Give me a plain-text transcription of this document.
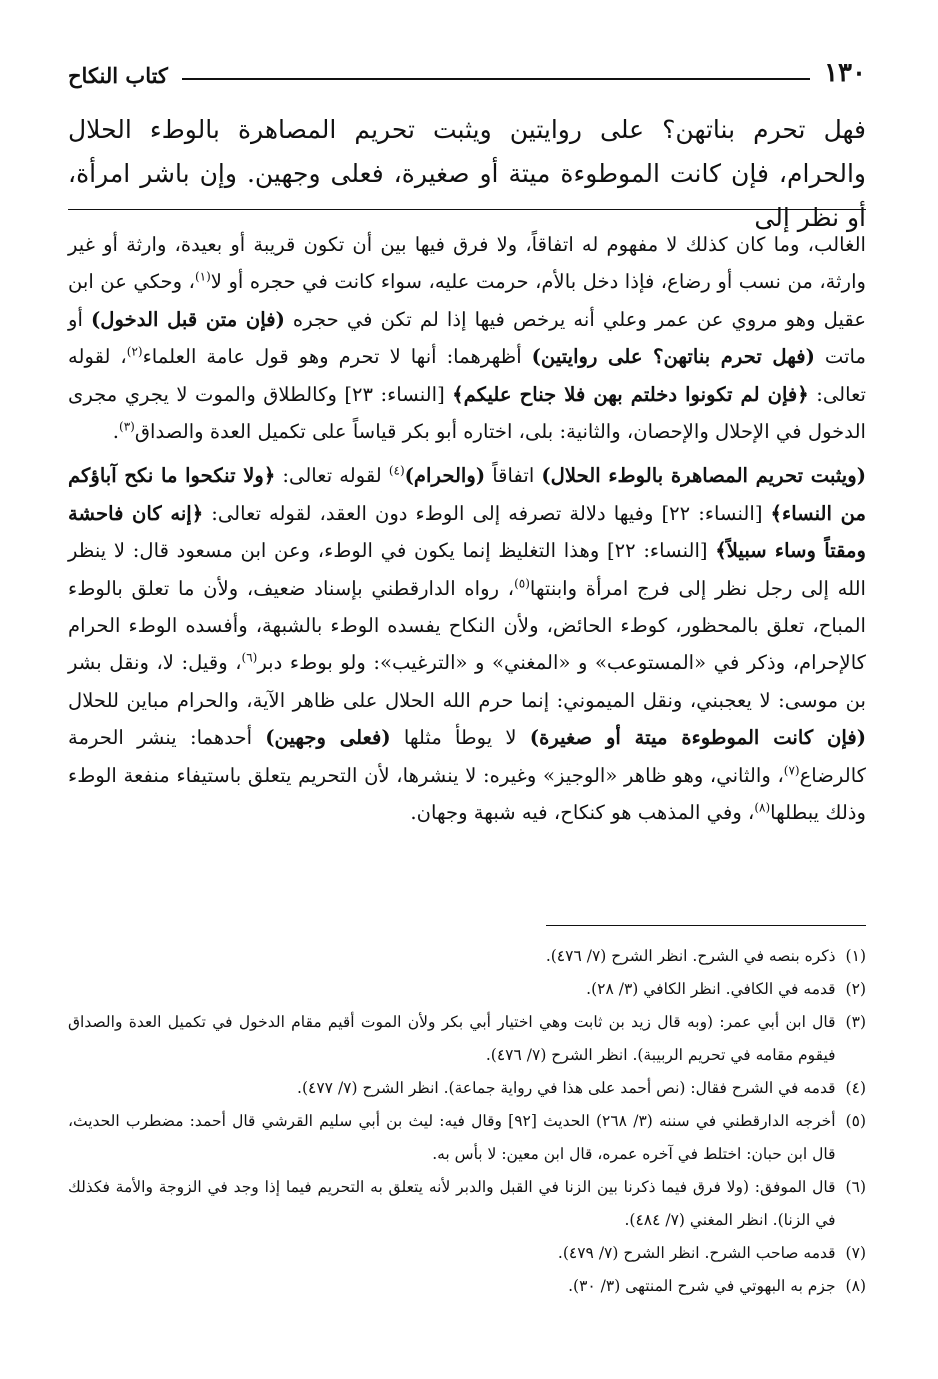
١٣٠
كتاب النكاح
فهل تحرم بناتهن؟ على روايتين ويثبت تحريم المصاهرة بالوطء الحلال والحرام، فإن كانت الموطوءة ميتة أو صغيرة، فعلى وجهين. وإن باشر امرأة، أو نظر إلى

الغالب، وما كان كذلك لا مفهوم له اتفاقاً، ولا فرق فيها بين أن تكون قريبة أو بعيدة، وارثة أو غير وارثة، من نسب أو رضاع، فإذا دخل بالأم، حرمت عليه، سواء كانت في حجره أو لا$^{(١)}$، وحكي عن ابن عقيل وهو مروي عن عمر وعلي أنه يرخص فيها إذا لم تكن في حجره (فإن متن قبل الدخول) أو ماتت (فهل تحرم بناتهن؟ على روايتين) أظهرهما: أنها لا تحرم وهو قول عامة العلماء$^{(٢)}$، لقوله تعالى: ﴿فإن لم تكونوا دخلتم بهن فلا جناح عليكم﴾ [النساء: ٢٣] وكالطلاق والموت لا يجري مجرى الدخول في الإحلال والإحصان، والثانية: بلى، اختاره أبو بكر قياساً على تكميل العدة والصداق$^{(٣)}$.

(ويثبت تحريم المصاهرة بالوطء الحلال) اتفاقاً (والحرام)$^{(٤)}$ لقوله تعالى: ﴿ولا تنكحوا ما نكح آباؤكم من النساء﴾ [النساء: ٢٢] وفيها دلالة تصرفه إلى الوطء دون العقد، لقوله تعالى: ﴿إنه كان فاحشة ومقتاً وساء سبيلاً﴾ [النساء: ٢٢] وهذا التغليظ إنما يكون في الوطء، وعن ابن مسعود قال: لا ينظر الله إلى رجل نظر إلى فرج امرأة وابنتها$^{(٥)}$، رواه الدارقطني بإسناد ضعيف، ولأن ما تعلق بالوطء المباح، تعلق بالمحظور، كوطء الحائض، ولأن النكاح يفسده الوطء بالشبهة، وأفسده الوطء الحرام كالإحرام، وذكر في «المستوعب» و «المغني» و «الترغيب»: ولو بوطء دبر$^{(٦)}$، وقيل: لا، ونقل بشر بن موسى: لا يعجبني، ونقل الميموني: إنما حرم الله الحلال على ظاهر الآية، والحرام مباين للحلال (فإن كانت الموطوءة ميتة أو صغيرة) لا يوطأ مثلها (فعلى وجهين) أحدهما: ينشر الحرمة كالرضاع$^{(٧)}$، والثاني، وهو ظاهر «الوجيز» وغيره: لا ينشرها، لأن التحريم يتعلق باستيفاء منفعة الوطء وذلك يبطلها$^{(٨)}$، وفي المذهب هو كنكاح، فيه شبهة وجهان.

(١)
ذكره بنصه في الشرح. انظر الشرح (٧/ ٤٧٦).

(٢)
قدمه في الكافي. انظر الكافي (٣/ ٢٨).

(٣)
قال ابن أبي عمر: (وبه قال زيد بن ثابت وهي اختيار أبي بكر ولأن الموت أقيم مقام الدخول في تكميل العدة والصداق فيقوم مقامه في تحريم الربيبة). انظر الشرح (٧/ ٤٧٦).

(٤)
قدمه في الشرح فقال: (نص أحمد على هذا في رواية جماعة). انظر الشرح (٧/ ٤٧٧).

(٥)
أخرجه الدارقطني في سننه (٣/ ٢٦٨) الحديث [٩٢] وقال فيه: ليث بن أبي سليم القرشي قال أحمد: مضطرب الحديث، قال ابن حبان: اختلط في آخره عمره، قال ابن معين: لا بأس به.

(٦)
قال الموفق: (ولا فرق فيما ذكرنا بين الزنا في القبل والدبر لأنه يتعلق به التحريم فيما إذا وجد في الزوجة والأمة فكذلك في الزنا). انظر المغني (٧/ ٤٨٤).

(٧)
قدمه صاحب الشرح. انظر الشرح (٧/ ٤٧٩).

(٨)
جزم به البهوتي في شرح المنتهى (٣/ ٣٠).
